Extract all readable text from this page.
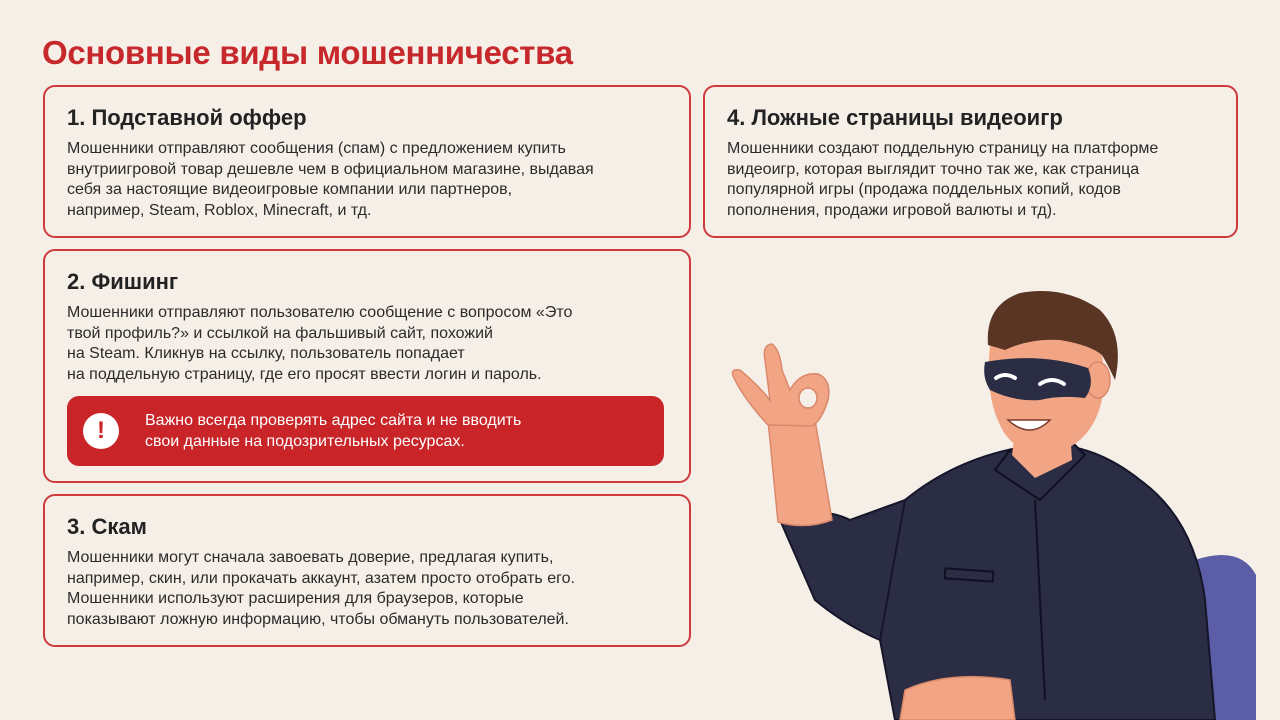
Основные виды мошенничества
1. Подставной оффер

Мошенники отправляют сообщения (спам) с предложением купить
внутриигровой товар дешевле чем в официальном магазине, выдавая
себя за настоящие видеоигровые компании или партнеров,
например, Steam, Roblox, Minecraft, и тд.

2. Фишинг

Мошенники отправляют пользователю сообщение с вопросом «Это
твой профиль?» и ссылкой на фальшивый сайт, похожий
на Steam. Кликнув на ссылку, пользователь попадает
на поддельную страницу, где его просят ввести логин и пароль.

!	Важно всегда проверять адрес сайта и не вводить
свои данные на подозрительных ресурсах.
3. Скам

Мошенники могут сначала завоевать доверие, предлагая купить,
например, скин, или прокачать аккаунт, азатем просто отобрать его.
Мошенники используют расширения для браузеров, которые
показывают ложную информацию, чтобы обмануть пользователей.

4. Ложные страницы видеоигр

Мошенники создают поддельную страницу на платформе
видеоигр, которая выглядит точно так же, как страница
популярной игры (продажа поддельных копий, кодов
пополнения, продажи игровой валюты и тд).
